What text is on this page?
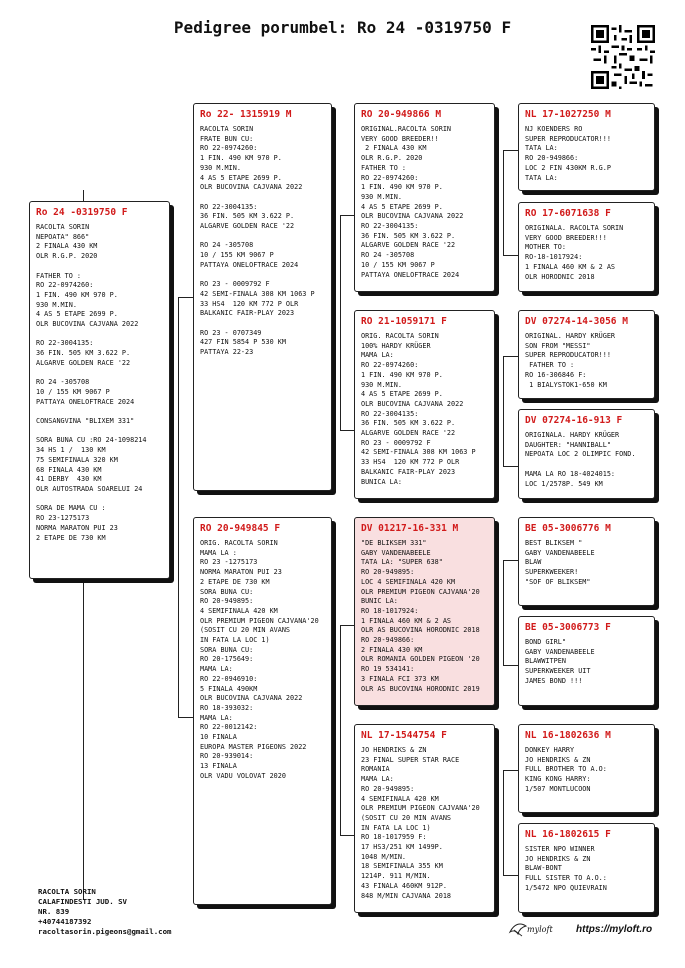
Pedigree porumbel: Ro 24 -0319750 F
Ro 24 -0319750 F
RACOLTA SORIN
NEPOATA" 866"
2 FINALA 430 KM
OLR R.G.P. 2020

FATHER TO :
RO 22-0974260:
1 FIN. 490 KM 970 P.
930 M.MIN.
4 AS 5 ETAPE 2699 P.
OLR BUCOVINA CAJVANA 2022

RO 22-3004135:
36 FIN. 505 KM 3.622 P.
ALGARVE GOLDEN RACE '22

RO 24 -305708
10 / 155 KM 9067 P
PATTAYA ONELOFTRACE 2024

CONSANGVINA "BLIXEM 331"

SORA BUNA CU :RO 24-1098214
34 HS 1 /  130 KM
75 SEMIFINALA 320 KM
68 FINALA 430 KM
41 DERBY  430 KM
OLR AUTOSTRADA SOARELUI 24

SORA DE MAMA CU :
RO 23-1275173
NORMA MARATON PUI 23
2 ETAPE DE 730 KM
Ro 22- 1315919 M
RACOLTA SORIN
FRATE BUN CU:
RO 22-0974260:
1 FIN. 490 KM 970 P.
930 M.MIN.
4 AS 5 ETAPE 2699 P.
OLR BUCOVINA CAJVANA 2022

RO 22-3004135:
36 FIN. 505 KM 3.622 P.
ALGARVE GOLDEN RACE '22

RO 24 -305708
10 / 155 KM 9067 P
PATTAYA ONELOFTRACE 2024

RO 23 - 0009792 F
42 SEMI-FINALA 308 KM 1063 P
33 HS4  120 KM 772 P OLR
BALKANIC FAIR-PLAY 2023

RO 23 - 0707349
427 FIN 5854 P 530 KM
PATTAYA 22-23
RO 20-949845 F
ORIG. RACOLTA SORIN
MAMA LA :
RO 23 -1275173
NORMA MARATON PUI 23
2 ETAPE DE 730 KM
SORA BUNA CU:
RO 20-949895:
4 SEMIFINALA 420 KM
OLR PREMIUM PIGEON CAJVANA'20
(SOSIT CU 20 MIN AVANS
IN FATA LA LOC 1)
SORA BUNA CU:
RO 20-175649:
MAMA LA:
RO 22-0946910:
5 FINALA 490KM
OLR BUCOVINA CAJVANA 2022
RO 18-393032:
MAMA LA:
RO 22-0012142:
10 FINALA
EUROPA MASTER PIGEONS 2022
RO 20-939014:
13 FINALA
OLR VADU VOLOVAT 2020
RO 20-949866 M
ORIGINAL.RACOLTA SORIN
VERY GOOD BREEDER!!
2 FINALA 430 KM
OLR R.G.P. 2020
FATHER TO :
RO 22-0974260:
1 FIN. 490 KM 970 P.
930 M.MIN.
4 AS 5 ETAPE 2699 P.
OLR BUCOVINA CAJVANA 2022
RO 22-3004135:
36 FIN. 505 KM 3.622 P.
ALGARVE GOLDEN RACE '22
RO 24 -305708
10 / 155 KM 9067 P
PATTAYA ONELOFTRACE 2024
RO 21-1059171 F
ORIG. RACOLTA SORIN
100% HARDY KRÜGER
MAMA LA:
RO 22-0974260:
1 FIN. 490 KM 970 P.
930 M.MIN.
4 AS 5 ETAPE 2699 P.
OLR BUCOVINA CAJVANA 2022
RO 22-3004135:
36 FIN. 505 KM 3.622 P.
ALGARVE GOLDEN RACE '22
RO 23 - 0009792 F
42 SEMI-FINALA 308 KM 1063 P
33 HS4  120 KM 772 P OLR
BALKANIC FAIR-PLAY 2023
BUNICA LA:
DV 01217-16-331 M
"DE BLIKSEM 331"
GABY VANDENABEELE
TATA LA: "SUPER 638"
RO 20-949895:
LOC 4 SEMIFINALA 420 KM
OLR PREMIUM PIGEON CAJVANA'20
BUNIC LA:
RO 18-1017924:
1 FINALA 460 KM & 2 AS
OLR AS BUCOVINA HORODNIC 2018
RO 20-949866:
2 FINALA 430 KM
OLR ROMANIA GOLDEN PIGEON '20
RO 19 534141:
3 FINALA FCI 373 KM
OLR AS BUCOVINA HORODNIC 2019
NL 17-1544754 F
JO HENDRIKS & ZN
23 FINAL SUPER STAR RACE
ROMANIA
MAMA LA:
RO 20-949895:
4 SEMIFINALA 420 KM
OLR PREMIUM PIGEON CAJVANA'20
(SOSIT CU 20 MIN AVANS
IN FATA LA LOC 1)
RO 18-1017959 F:
17 HS3/251 KM 1499P.
1048 M/MIN.
18 SEMIFINALA 355 KM
1214P. 911 M/MIN.
43 FINALA 460KM 912P.
848 M/MIN CAJVANA 2018
NL 17-1027250 M
NJ KOENDERS RO
SUPER REPRODUCATOR!!!
TATA LA:
RO 20-949866:
LOC 2 FIN 430KM R.G.P
TATA LA:
RO 17-6071638 F
ORIGINALA. RACOLTA SORIN
VERY GOOD BREEDER!!!
MOTHER TO:
RO-18-1017924:
1 FINALA 460 KM & 2 AS
OLR HORODNIC 2018
DV 07274-14-3056 M
ORIGINAL. HARDY KRÜGER
SON FROM "MESSI"
SUPER REPRODUCATOR!!!
FATHER TO :
RO 16-306846 F:
1 BIALYSTOK1-650 KM
DV 07274-16-913 F
ORIGINALA. HARDY KRÜGER
DAUGHTER: "HANNIBALL"
NEPOATA LOC 2 OLIMPIC FOND.

MAMA LA RO 18-4024015:
LOC 1/2578P. 549 KM
BE 05-3006776 M
BEST BLIKSEM "
GABY VANDENABEELE
BLAW
SUPERKWEEKER!
"SOF OF BLIKSEM"
BE 05-3006773 F
BOND GIRL"
GABY VANDENABEELE
BLAWWITPEN
SUPERKWEEKER UIT
JAMES BOND !!!
NL 16-1802636 M
DONKEY HARRY
JO HENDRIKS & ZN
FULL BROTHER TO A.O:
KING KONG HARRY:
1/507 MONTLUCOON
NL 16-1802615 F
SISTER NPO WINNER
JO HENDRIKS & ZN
BLAW-BONT
FULL SISTER TO A.O.:
1/5472 NPO QUIEVRAIN
RACOLTA SORIN
CALAFINDESTI JUD. SV
NR. 839
+40744187392
racoltasorin.pigeons@gmail.com	myloft https://myloft.ro
